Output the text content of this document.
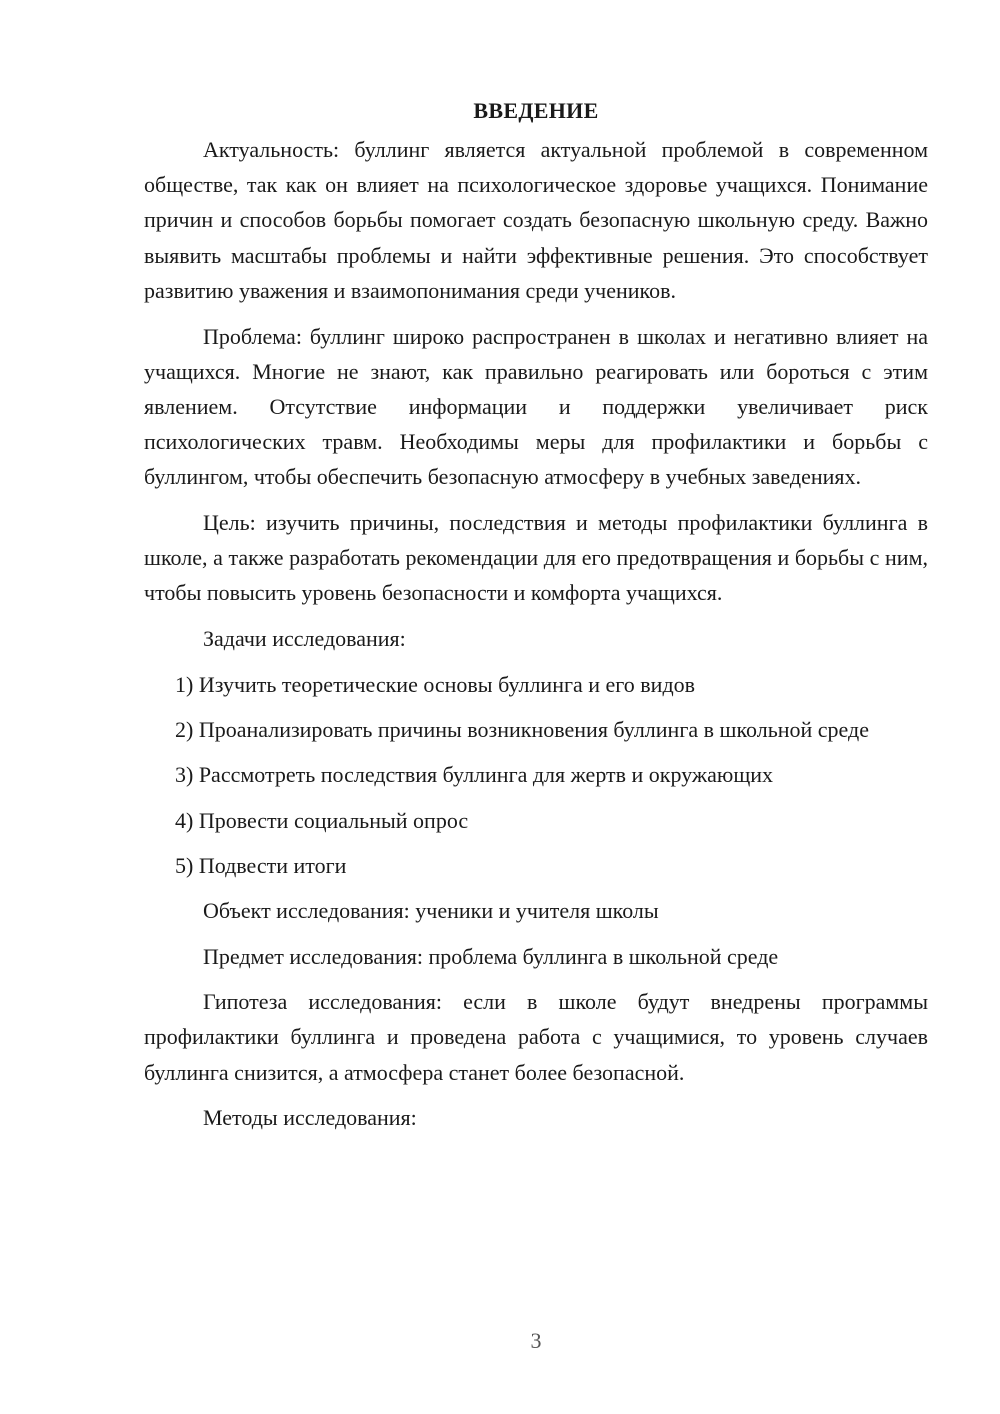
ВВЕДЕНИЕ

Актуальность: буллинг является актуальной проблемой в современном обществе, так как он влияет на психологическое здоровье учащихся. Понимание причин и способов борьбы помогает создать безопасную школьную среду. Важно выявить масштабы проблемы и найти эффективные решения. Это способствует развитию уважения и взаимопонимания среди учеников.

Проблема: буллинг широко распространен в школах и негативно влияет на учащихся. Многие не знают, как правильно реагировать или бороться с этим явлением. Отсутствие информации и поддержки увеличивает риск психологических травм. Необходимы меры для профилактики и борьбы с буллингом, чтобы обеспечить безопасную атмосферу в учебных заведениях.

Цель: изучить причины, последствия и методы профилактики буллинга в школе, а также разработать рекомендации для его предотвращения и борьбы с ним, чтобы повысить уровень безопасности и комфорта учащихся.

Задачи исследования:

1) Изучить теоретические основы буллинга и его видов

2) Проанализировать причины возникновения буллинга в школьной среде

3) Рассмотреть последствия буллинга для жертв и окружающих

4) Провести социальный опрос

5) Подвести итоги

Объект исследования: ученики и учителя школы

Предмет исследования: проблема буллинга в школьной среде

Гипотеза исследования: если в школе будут внедрены программы профилактики буллинга и проведена работа с учащимися, то уровень случаев буллинга снизится, а атмосфера станет более безопасной.

Методы исследования:

3
